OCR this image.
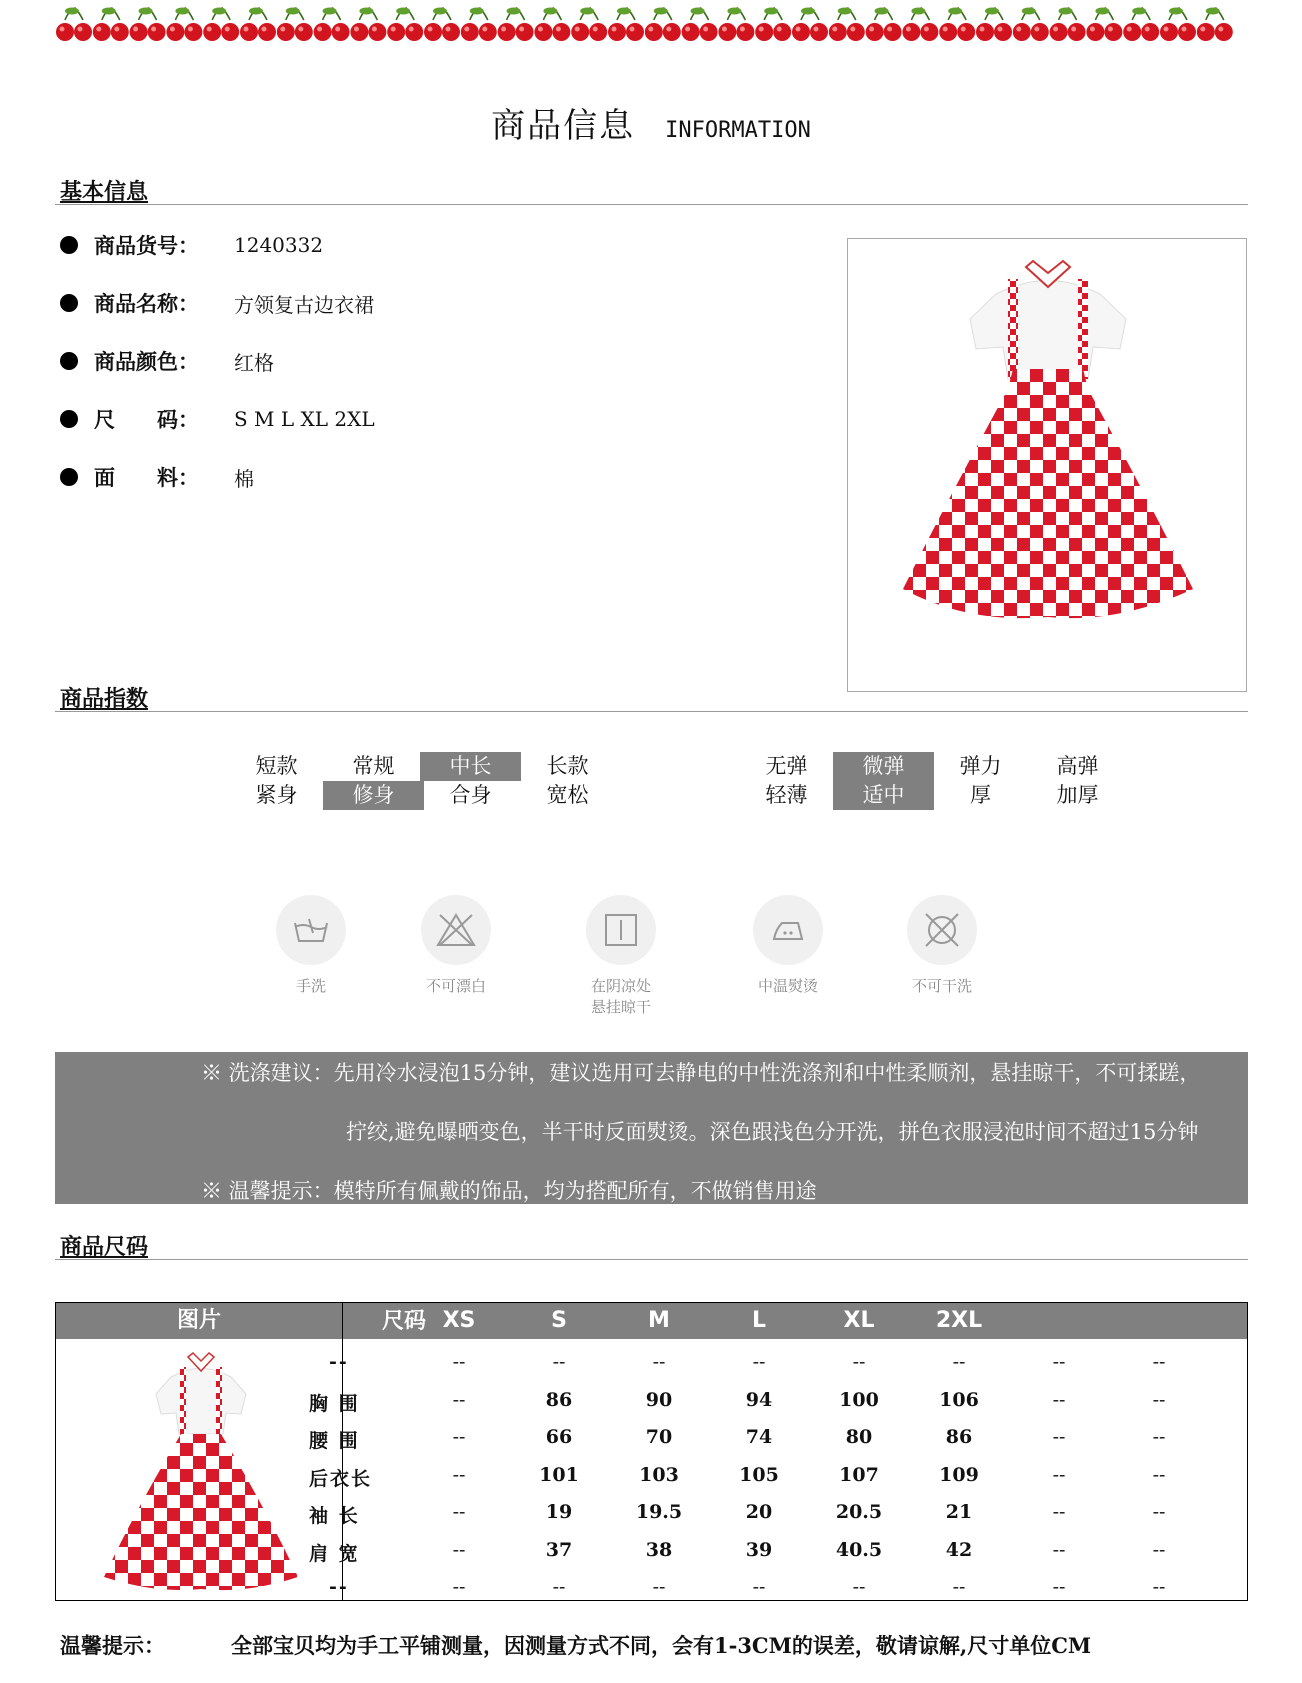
商品信息 INFORMATION
基本信息
商品货号：	1240332
商品名称：	方领复古边衣裙
商品颜色：	红格
尺　　码：	S M L XL 2XL
面　　料：	棉
商品指数
短款	常规	中长	长款
紧身	修身	合身	宽松
无弹	微弹	弹力	高弹
轻薄	适中	厚	加厚
手洗	不可漂白	在阴凉处
悬挂晾干
中温熨烫	不可干洗
※ 洗涤建议：先用冷水浸泡15分钟，建议选用可去静电的中性洗涤剂和中性柔顺剂，悬挂晾干，不可揉蹉，
拧绞,避免曝晒变色，半干时反面熨烫。深色跟浅色分开洗，拼色衣服浸泡时间不超过15分钟
※ 温馨提示：模特所有佩戴的饰品，均为搭配所有，不做销售用途
商品尺码
图片	尺码 XS	S	M	L	XL	2XL
--	--	--	--	--	--	--	--	--
胸 围	--	86	90	94	100	106	--	--
腰 围	--	66	70	74	80	86	--	--
后衣长	--	101	103	105	107	109	--	--
袖 长	--	19	19.5	20	20.5	21	--	--
肩 宽	--	37	38	39	40.5	42	--	--
--	--	--	--	--	--	--	--	--
温馨提示：	全部宝贝均为手工平铺测量，因测量方式不同，会有1-3CM的误差，敬请谅解,尺寸单位CM
